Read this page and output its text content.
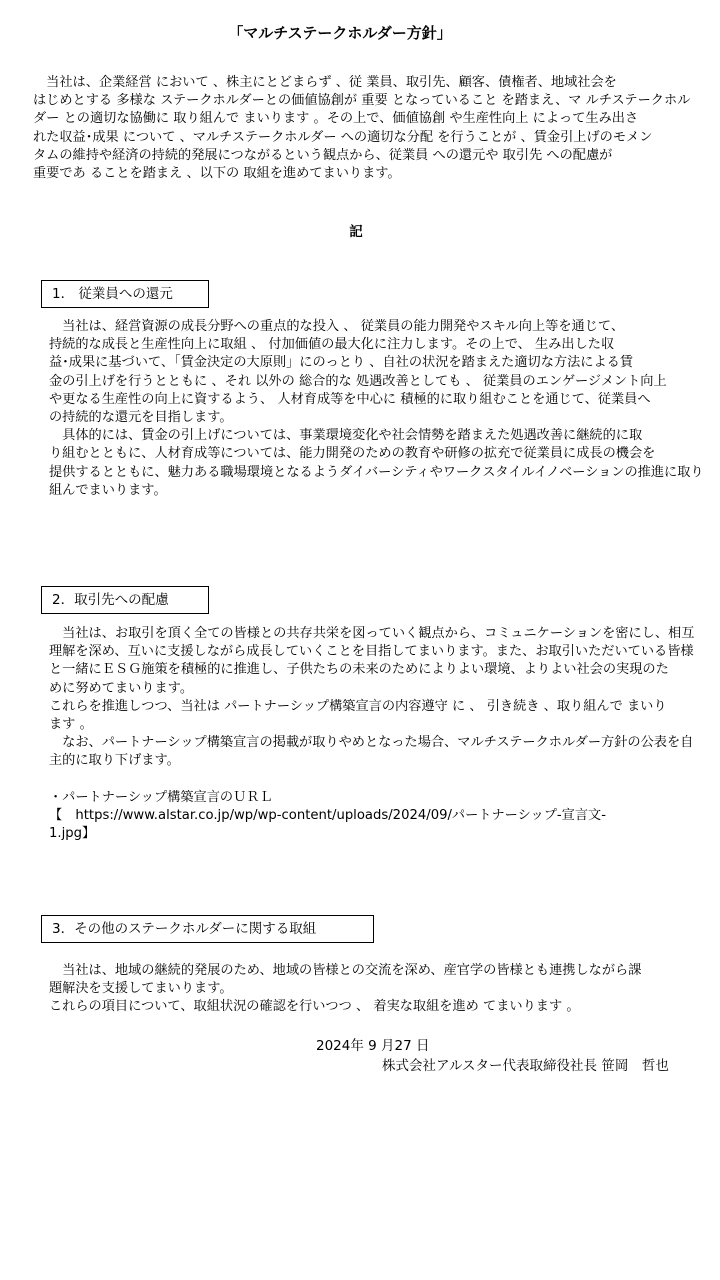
「マルチステークホルダー方針」
　当社は、企業経営 において 、株主にとどまらず 、従 業員、取引先、顧客、債権者、地域社会を
はじめとする 多様な ステークホルダーとの価値協創が 重要 となっていること を踏まえ、マ ルチステークホル
ダー との適切な協働に 取り組んで まいります 。その上で、価値協創 や生産性向上 によって生み出さ
れた収益･成果 について 、マルチステークホルダー への適切な分配 を行うことが 、賃金引上げのモメン
タムの維持や経済の持続的発展につながるという観点から、従業員 への還元や 取引先 への配慮が
重要であ ることを踏まえ 、以下の 取組を進めてまいります。

記

1． 従業員への還元
　当社は、経営資源の成長分野への重点的な投入 、 従業員の能力開発やスキル向上等を通じて、
持続的な成長と生産性向上に取組 、 付加価値の最大化に注力します。その上で、 生み出した収
益･成果に基づいて、「賃金決定の大原則」にのっとり 、自社の状況を踏まえた適切な方法による賃
金の引上げを行うとともに 、それ 以外の 総合的な 処遇改善としても 、 従業員のエンゲージメント向上
や更なる生産性の向上に資するよう、 人材育成等を中心に 積極的に取り組むことを通じて、従業員へ
の持続的な還元を目指します。
　具体的には、賃金の引上げについては、事業環境変化や社会情勢を踏まえた処遇改善に継続的に取
り組むとともに、人材育成等については、能力開発のための教育や研修の拡充で従業員に成長の機会を
提供するとともに、魅力ある職場環境となるようダイバーシティやワークスタイルイノベーションの推進に取り
組んでまいります。
2．取引先への配慮
　当社は、お取引を頂く全ての皆様との共存共栄を図っていく観点から、コミュニケーションを密にし、相互
理解を深め、互いに支援しながら成長していくことを目指してまいります。また、お取引いただいている皆様
と一緒にＥＳＧ施策を積極的に推進し、子供たちの未来のためによりよい環境、よりよい社会の実現のた
めに努めてまいります。
これらを推進しつつ、当社は パートナーシップ構築宣言の内容遵守 に 、 引き続き 、取り組んで まいり
ます 。
　なお、パートナーシップ構築宣言の掲載が取りやめとなった場合、マルチステークホルダー方針の公表を自
主的に取り下げます。

・パートナーシップ構築宣言のＵＲＬ
【　https://www.alstar.co.jp/wp/wp-content/uploads/2024/09/パートナーシップ-宣言文-
1.jpg】
3．その他のステークホルダーに関する取組
　当社は、地域の継続的発展のため、地域の皆様との交流を深め、産官学の皆様とも連携しながら課
題解決を支援してまいります。
これらの項目について、取組状況の確認を行いつつ 、 着実な取組を進め てまいります 。

2024年 9 月27 日

株式会社アルスター代表取締役社長 笹岡　哲也
